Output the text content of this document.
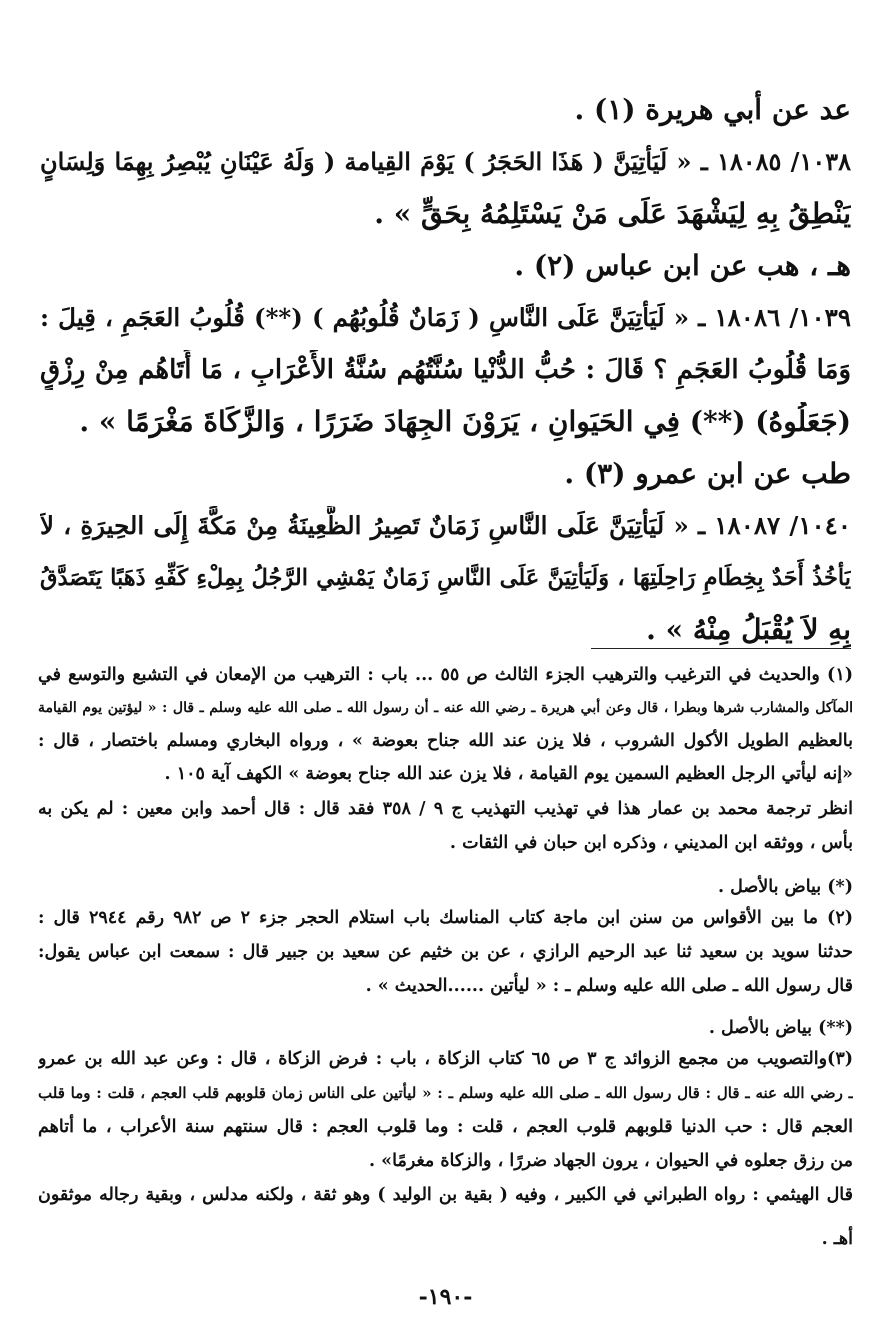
عد عن أبي هريرة (١) .
١٠٣٨/ ١٨٠٨٥ ـ « لَيَأتِيَنَّ ( هَذَا الحَجَرُ ) يَوْمَ القِيامة ( وَلَهُ عَيْنَانِ يُبْصِرُ بِهِمَا وَلِسَانٍ
يَنْطِقُ بِهِ لِيَشْهَدَ عَلَى مَنْ يَسْتَلِمُهُ بِحَقٍّ » .
هـ ، هب عن ابن عباس (٢) .
١٠٣٩/ ١٨٠٨٦ ـ « لَيَأتِيَنَّ عَلَى النَّاسِ ( زَمَانٌ قُلُوبُهُم ) (**) قُلُوبُ العَجَمِ ، قِيلَ :
وَمَا قُلُوبُ العَجَمِ ؟ قَالَ : حُبُّ الدُّنْيا سُنَّتُهُم سُنَّةُ الأَعْرَابِ ، مَا أَتَاهُم مِنْ رِزْقٍ
(جَعَلُوهُ) (**) فِي الحَيَوانِ ، يَرَوْنَ الجِهَادَ ضَرَرًا ، وَالزَّكَاةَ مَغْرَمًا » .
طب عن ابن عمرو (٣) .
١٠٤٠/ ١٨٠٨٧ ـ « لَيَأتِيَنَّ عَلَى النَّاسِ زَمَانٌ تَصِيرُ الظَّعِينَةُ مِنْ مَكَّةَ إِلَى الحِيرَةِ ، لاَ
يَأخُذُ أَحَدٌ بِخِطَامِ رَاحِلَتِهَا ، وَلَيَأتِيَنَّ عَلَى النَّاسِ زَمَانٌ يَمْشِي الرَّجُلُ بِمِلْءِ كَفِّهِ ذَهَبًا يَتَصَدَّقُ
بِهِ لاَ يُقْبَلُ مِنْهُ » .
(١) والحديث في الترغيب والترهيب الجزء الثالث ص ٥٥ ... باب : الترهيب من الإمعان في التشبع والتوسع في
المآكل والمشارب شرها وبطرا ، قال وعن أبي هريرة ـ رضي الله عنه ـ أن رسول الله ـ صلى الله عليه وسلم ـ قال : « ليؤتين يوم القيامة
بالعظيم الطويل الأكول الشروب ، فلا يزن عند الله جناح بعوضة » ، ورواه البخاري ومسلم باختصار ، قال :
«إنه ليأتي الرجل العظيم السمين يوم القيامة ، فلا يزن عند الله جناح بعوضة » الكهف آية ١٠٥ .
انظر ترجمة محمد بن عمار هذا في تهذيب التهذيب ج ٩ / ٣٥٨ فقد قال : قال أحمد وابن معين : لم يكن به
بأس ، ووثقه ابن المديني ، وذكره ابن حبان في الثقات .
(*) بياض بالأصل .
(٢) ما بين الأقواس من سنن ابن ماجة كتاب المناسك باب استلام الحجر جزء ٢ ص ٩٨٢ رقم ٢٩٤٤ قال :
حدثنا سويد بن سعيد ثنا عبد الرحيم الرازي ، عن بن خثيم عن سعيد بن جبير قال : سمعت ابن عباس يقول:
قال رسول الله ـ صلى الله عليه وسلم ـ : « ليأتين ......الحديث » .
(**) بياض بالأصل .
(٣)والتصويب من مجمع الزوائد ج ٣ ص ٦٥ كتاب الزكاة ، باب : فرض الزكاة ، قال : وعن عبد الله بن عمرو
ـ رضي الله عنه ـ قال : قال رسول الله ـ صلى الله عليه وسلم ـ : « ليأتين على الناس زمان قلوبهم قلب العجم ، قلت : وما قلب
العجم قال : حب الدنيا قلوبهم قلوب العجم ، قلت : وما قلوب العجم : قال سنتهم سنة الأعراب ، ما أتاهم
من رزق جعلوه في الحيوان ، يرون الجهاد ضررًا ، والزكاة مغرمًا» .
قال الهيثمي : رواه الطبراني في الكبير ، وفيه ( بقية بن الوليد ) وهو ثقة ، ولكنه مدلس ، وبقية رجاله موثقون
أهـ .
-١٩٠-
